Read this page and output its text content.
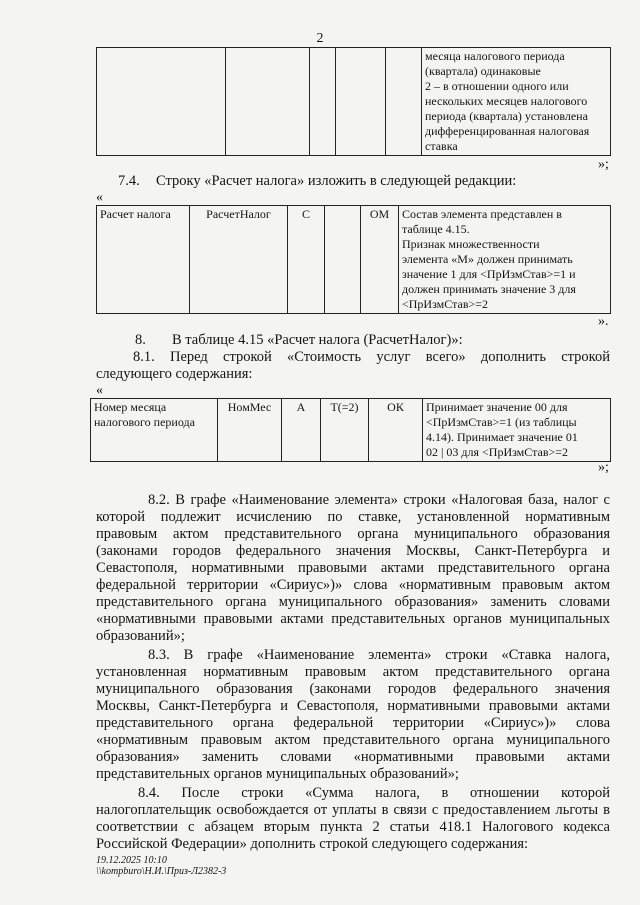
2

месяца налогового периода
(квартала) одинаковые
2 – в отношении одного или
нескольких месяцев налогового
периода (квартала) установлена
дифференцированная налоговая
ставка
»;
7.4. Строку «Расчет налога» изложить в следующей редакции:
«
Расчет налога	РасчетНалог	С		ОМ	Состав элемента представлен в
таблице 4.15.
Признак множественности
элемента «М» должен принимать
значение 1 для <ПрИзмСтав>=1 и
должен принимать значение 3 для
<ПрИзмСтав>=2
».
8. В таблице 4.15 «Расчет налога (РасчетНалог)»:
8.1. Перед строкой «Стоимость услуг всего» дополнить строкой
следующего содержания:
«
Номер месяца
налогового периода
	НомМес	А	Т(=2)	ОК	Принимает значение 00 для
<ПрИзмСтав>=1 (из таблицы
4.14). Принимает значение 01
02 | 03 для <ПрИзмСтав>=2
»;
8.2. В графе «Наименование элемента» строки «Налоговая база, налог с
которой подлежит исчислению по ставке, установленной нормативным
правовым актом представительного органа муниципального образования
(законами городов федерального значения Москвы, Санкт-Петербурга и
Севастополя, нормативными правовыми актами представительного органа
федеральной территории «Сириус»)» слова «нормативным правовым актом
представительного органа муниципального образования» заменить словами
«нормативными правовыми актами представительных органов муниципальных
образований»;
8.3. В графе «Наименование элемента» строки «Ставка налога,
установленная нормативным правовым актом представительного органа
муниципального образования (законами городов федерального значения
Москвы, Санкт-Петербурга и Севастополя, нормативными правовыми актами
представительного органа федеральной территории «Сириус»)» слова
«нормативным правовым актом представительного органа муниципального
образования» заменить словами «нормативными правовыми актами
представительных органов муниципальных образований»;
8.4. После строки «Сумма налога, в отношении которой
налогоплательщик освобождается от уплаты в связи с предоставлением льготы в
соответствии с абзацем вторым пункта 2 статьи 418.1 Налогового кодекса
Российской Федерации» дополнить строкой следующего содержания:
19.12.2025 10:10
\\kompburo\Н.И.\Приз-Л2382-3
